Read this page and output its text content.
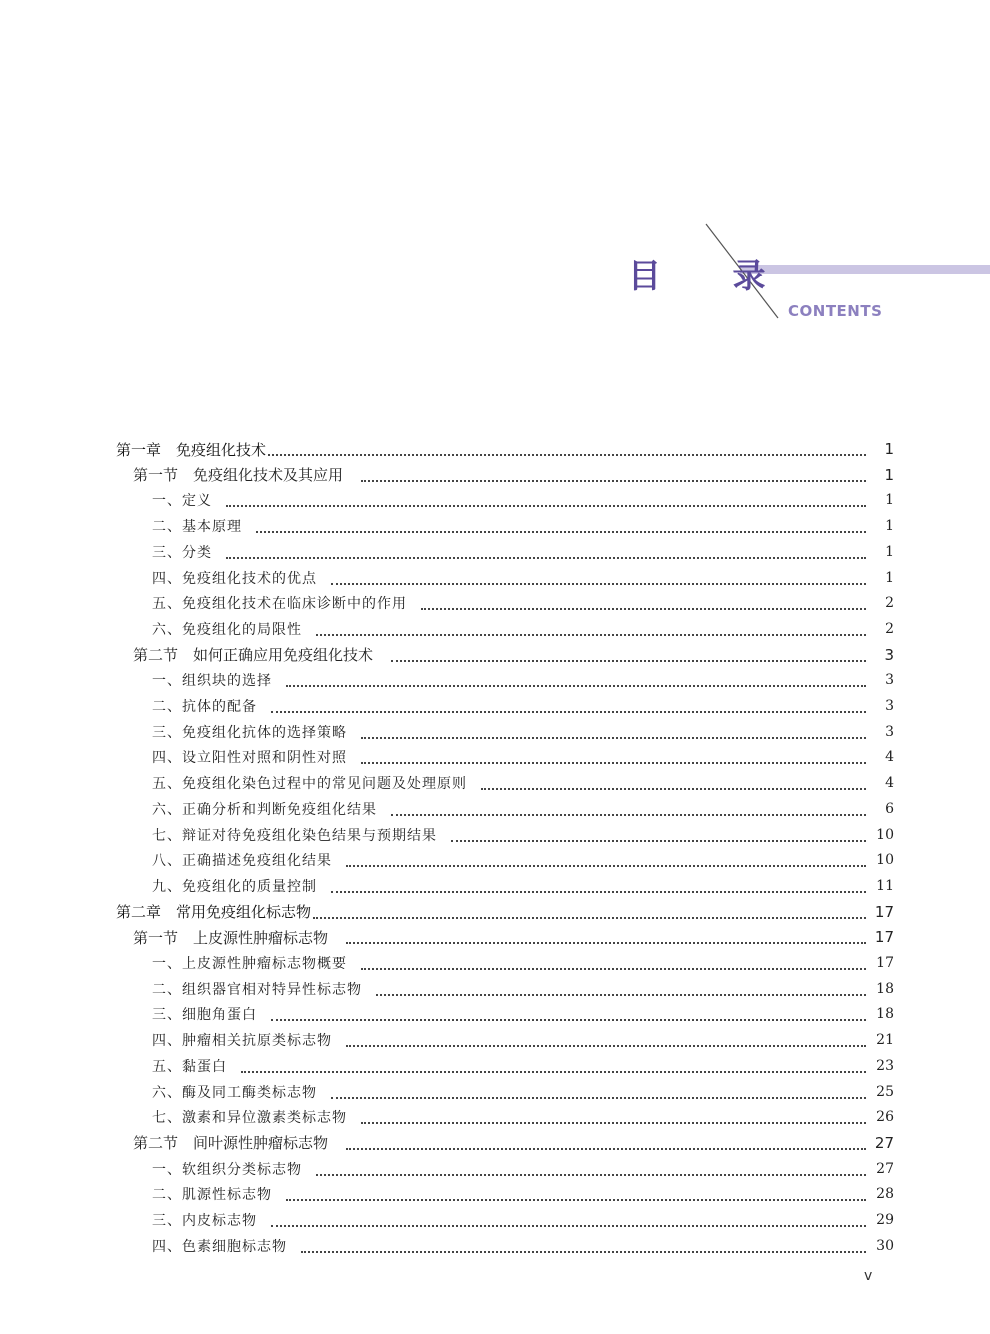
目 录
CONTENTS
第一章　免疫组化技术	1
第一节　免疫组化技术及其应用	1
一、定义	1
二、基本原理	1
三、分类	1
四、免疫组化技术的优点	1
五、免疫组化技术在临床诊断中的作用	2
六、免疫组化的局限性	2
第二节　如何正确应用免疫组化技术	3
一、组织块的选择	3
二、抗体的配备	3
三、免疫组化抗体的选择策略	3
四、设立阳性对照和阴性对照	4
五、免疫组化染色过程中的常见问题及处理原则	4
六、正确分析和判断免疫组化结果	6
七、辩证对待免疫组化染色结果与预期结果	10
八、正确描述免疫组化结果	10
九、免疫组化的质量控制	11
第二章　常用免疫组化标志物	17
第一节　上皮源性肿瘤标志物	17
一、上皮源性肿瘤标志物概要	17
二、组织器官相对特异性标志物	18
三、细胞角蛋白	18
四、肿瘤相关抗原类标志物	21
五、黏蛋白	23
六、酶及同工酶类标志物	25
七、激素和异位激素类标志物	26
第二节　间叶源性肿瘤标志物	27
一、软组织分类标志物	27
二、肌源性标志物	28
三、内皮标志物	29
四、色素细胞标志物	30
v
